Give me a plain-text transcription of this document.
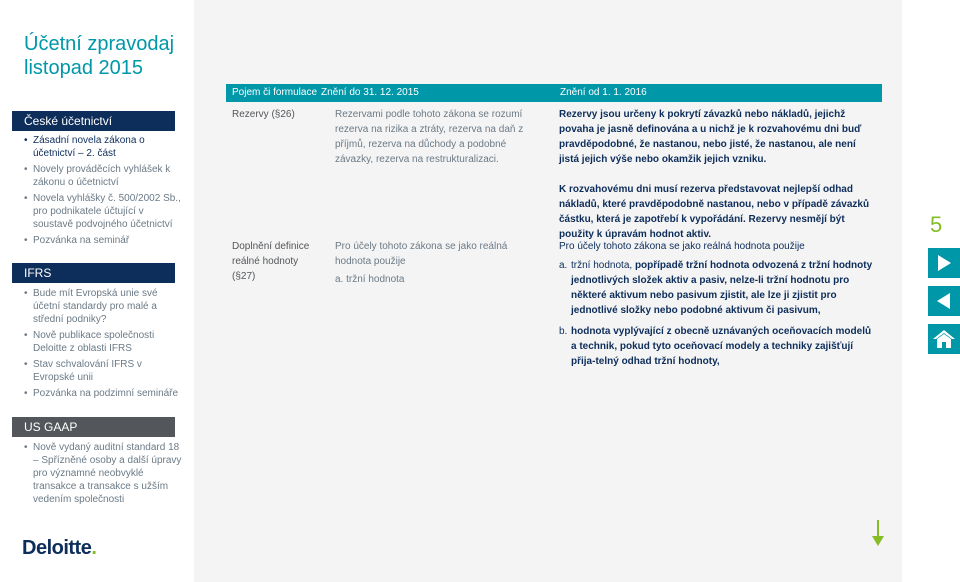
Účetní zpravodaj
listopad 2015
České účetnictví
• Zásadní novela zákona o účetnictví – 2. část
• Novely prováděcích vyhlášek k zákonu o účetnictví
• Novela vyhlášky č. 500/2002 Sb., pro podnikatele účtující v soustavě podvojného účetnictví
• Pozvánka na seminář
IFRS
• Bude mít Evropská unie své účetní standardy pro malé a střední podniky?
• Nově publikace společnosti Deloitte z oblasti IFRS
• Stav schvalování IFRS v Evropské unii
• Pozvánka na podzimní semináře
US GAAP
• Nově vydaný auditní standard 18 – Spřízněné osoby a další úpravy pro významné neobvyklé transakce a transakce s užším vedením společnosti
Deloitte.
Pojem či formulace Znění do 31. 12. 2015	Znění od 1. 1. 2016
Rezervy (§26)	Rezervami podle tohoto zákona se rozumí rezerva na rizika a ztráty, rezerva na daň z příjmů, rezerva na důchody a podobné závazky, rezerva na restrukturalizaci.

Rezervy jsou určeny k pokrytí závazků nebo nákladů, jejichž povaha je jasně definována a u nichž je k rozvahovému dni buď pravděpodobné, že nastanou, nebo jisté, že nastanou, ale není jistá jejich výše nebo okamžik jejich vzniku.

K rozvahovému dni musí rezerva představovat nejlepší odhad nákladů, které pravděpodobně nastanou, nebo v případě závazků částku, která je zapotřebí k vypořádání. Rezervy nesmějí být použity k úpravám hodnot aktiv.

Doplnění definice reálné hodnoty (§27)

Pro účely tohoto zákona se jako reálná hodnota použije

a. tržní hodnota

Pro účely tohoto zákona se jako reálná hodnota použije

a. tržní hodnota, popřípadě tržní hodnota odvozená z tržní hodnoty jednotlivých složek aktiv a pasiv, nelze-li tržní hodnotu pro některé aktivum nebo pasivum zjistit, ale lze ji zjistit pro jednotlivé složky nebo podobné aktivum či pasivum,
b. hodnota vyplývající z obecně uznávaných oceňovacích modelů a technik, pokud tyto oceňovací modely a techniky zajišťují přija-telný odhad tržní hodnoty,
5
